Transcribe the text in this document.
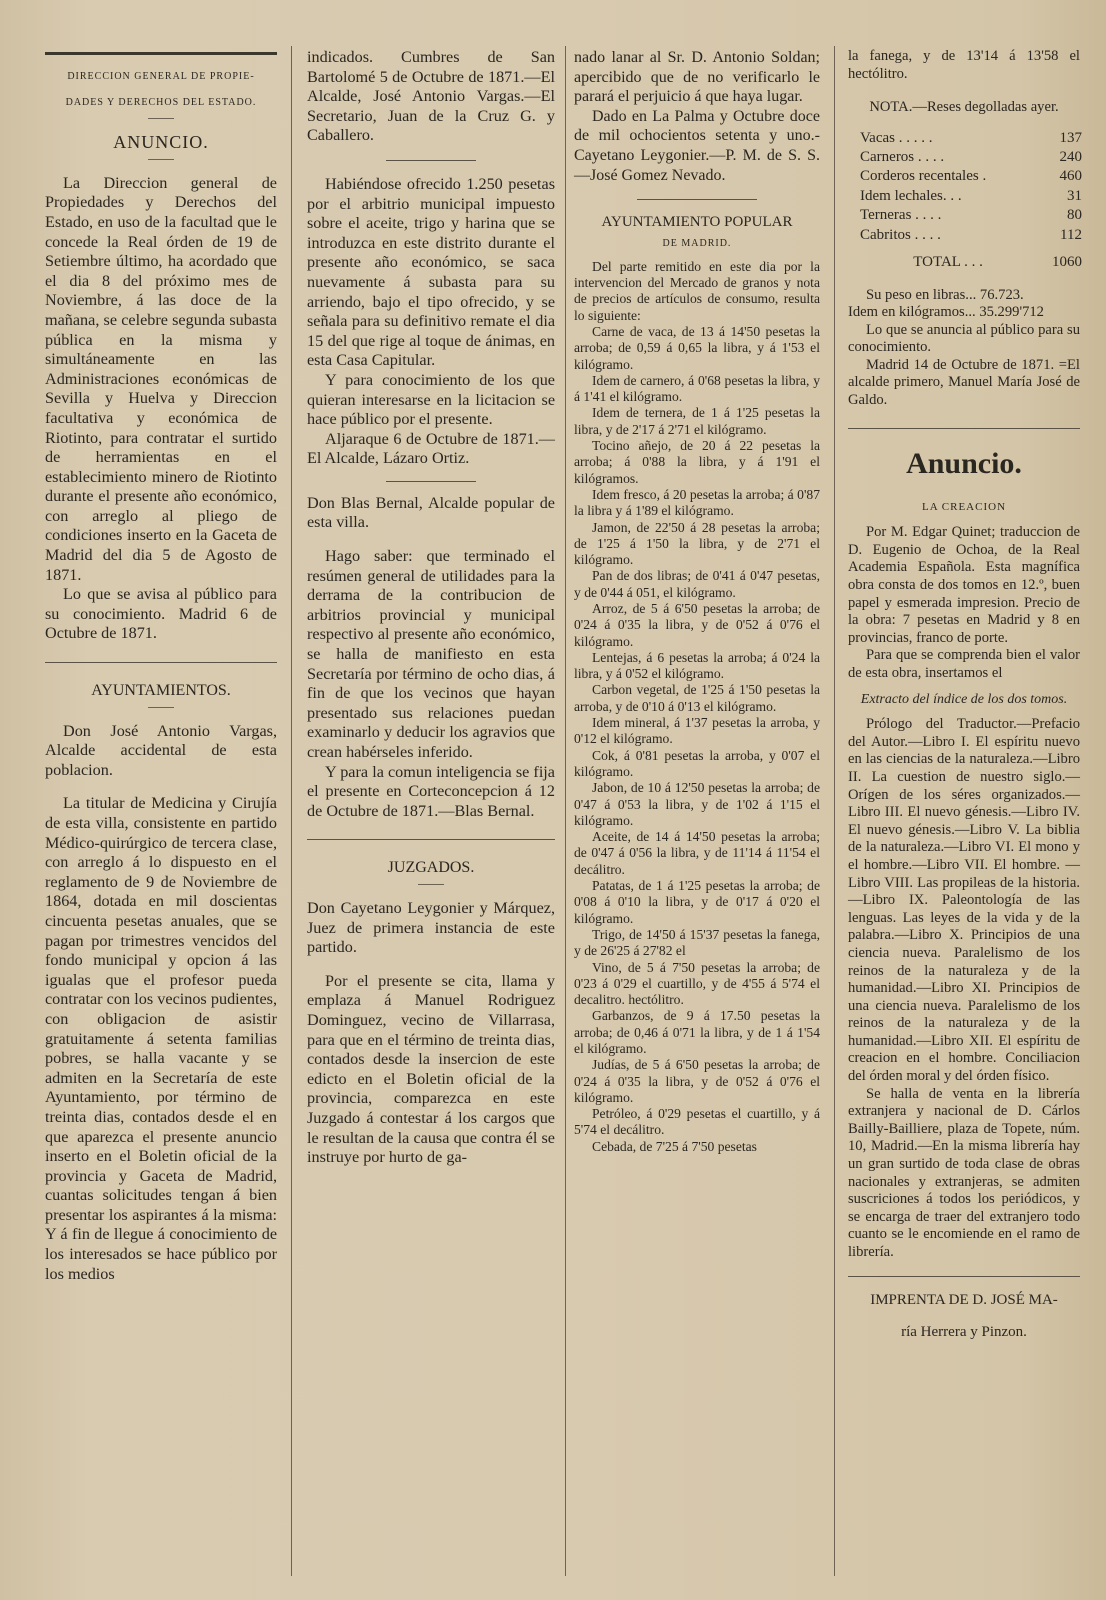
DIRECCION GENERAL DE PROPIE-

DADES Y DERECHOS DEL ESTADO.

ANUNCIO.

La Direccion general de Propiedades y Derechos del Estado, en uso de la facultad que le concede la Real órden de 19 de Setiembre último, ha acordado que el dia 8 del próximo mes de Noviembre, á las doce de la mañana, se celebre segunda subasta pública en la misma y simultáneamente en las Administraciones económicas de Sevilla y Huelva y Direccion facultativa y económica de Riotinto, para contratar el surtido de herramientas en el establecimiento minero de Riotinto durante el presente año económico, con arreglo al pliego de condiciones inserto en la Gaceta de Madrid del dia 5 de Agosto de 1871.

Lo que se avisa al público para su conocimiento. Madrid 6 de Octubre de 1871.

AYUNTAMIENTOS.

Don José Antonio Vargas, Alcalde accidental de esta poblacion.

La titular de Medicina y Cirujía de esta villa, consistente en partido Médico-quirúrgico de tercera clase, con arreglo á lo dispuesto en el reglamento de 9 de Noviembre de 1864, dotada en mil doscientas cincuenta pesetas anuales, que se pagan por trimestres vencidos del fondo municipal y opcion á las igualas que el profesor pueda contratar con los vecinos pudientes, con obligacion de asistir gratuitamente á setenta familias pobres, se halla vacante y se admiten en la Secretaría de este Ayuntamiento, por término de treinta dias, contados desde el en que aparezca el presente anuncio inserto en el Boletin oficial de la provincia y Gaceta de Madrid, cuantas solicitudes tengan á bien presentar los aspirantes á la misma: Y á fin de llegue á conocimiento de los interesados se hace público por los medios

indicados. Cumbres de San Bartolomé 5 de Octubre de 1871.—El Alcalde, José Antonio Vargas.—El Secretario, Juan de la Cruz G. y Caballero.

Habiéndose ofrecido 1.250 pesetas por el arbitrio municipal impuesto sobre el aceite, trigo y harina que se introduzca en este distrito durante el presente año económico, se saca nuevamente á subasta para su arriendo, bajo el tipo ofrecido, y se señala para su definitivo remate el dia 15 del que rige al toque de ánimas, en esta Casa Capitular.

Y para conocimiento de los que quieran interesarse en la licitacion se hace público por el presente.

Aljaraque 6 de Octubre de 1871.—El Alcalde, Lázaro Ortiz.

Don Blas Bernal, Alcalde popular de esta villa.

Hago saber: que terminado el resúmen general de utilidades para la derrama de la contribucion de arbitrios provincial y municipal respectivo al presente año económico, se halla de manifiesto en esta Secretaría por término de ocho dias, á fin de que los vecinos que hayan presentado sus relaciones puedan examinarlo y deducir los agravios que crean habérseles inferido.

Y para la comun inteligencia se fija el presente en Corteconcepcion á 12 de Octubre de 1871.—Blas Bernal.

JUZGADOS.

Don Cayetano Leygonier y Márquez, Juez de primera instancia de este partido.

Por el presente se cita, llama y emplaza á Manuel Rodriguez Dominguez, vecino de Villarrasa, para que en el término de treinta dias, contados desde la insercion de este edicto en el Boletin oficial de la provincia, comparezca en este Juzgado á contestar á los cargos que le resultan de la causa que contra él se instruye por hurto de ga-

nado lanar al Sr. D. Antonio Soldan; apercibido que de no verificarlo le parará el perjuicio á que haya lugar.

Dado en La Palma y Octubre doce de mil ochocientos setenta y uno.-Cayetano Leygonier.—P. M. de S. S.—José Gomez Nevado.

AYUNTAMIENTO POPULAR

DE MADRID.

Del parte remitido en este dia por la intervencion del Mercado de granos y nota de precios de artículos de consumo, resulta lo siguiente:

Carne de vaca, de 13 á 14'50 pesetas la arroba; de 0,59 á 0,65 la libra, y á 1'53 el kilógramo.

Idem de carnero, á 0'68 pesetas la libra, y á 1'41 el kilógramo.

Idem de ternera, de 1 á 1'25 pesetas la libra, y de 2'17 á 2'71 el kilógramo.

Tocino añejo, de 20 á 22 pesetas la arroba; á 0'88 la libra, y á 1'91 el kilógramos.

Idem fresco, á 20 pesetas la arroba; á 0'87 la libra y á 1'89 el kilógramo.

Jamon, de 22'50 á 28 pesetas la arroba; de 1'25 á 1'50 la libra, y de 2'71 el kilógramo.

Pan de dos libras; de 0'41 á 0'47 pesetas, y de 0'44 á 051, el kilógramo.

Arroz, de 5 á 6'50 pesetas la arroba; de 0'24 á 0'35 la libra, y de 0'52 á 0'76 el kilógramo.

Lentejas, á 6 pesetas la arroba; á 0'24 la libra, y á 0'52 el kilógramo.

Carbon vegetal, de 1'25 á 1'50 pesetas la arroba, y de 0'10 á 0'13 el kilógramo.

Idem mineral, á 1'37 pesetas la arroba, y 0'12 el kilógramo.

Cok, á 0'81 pesetas la arroba, y 0'07 el kilógramo.

Jabon, de 10 á 12'50 pesetas la arroba; de 0'47 á 0'53 la libra, y de 1'02 á 1'15 el kilógramo.

Aceite, de 14 á 14'50 pesetas la arroba; de 0'47 á 0'56 la libra, y de 11'14 á 11'54 el decálitro.

Patatas, de 1 á 1'25 pesetas la arroba; de 0'08 á 0'10 la libra, y de 0'17 á 0'20 el kilógramo.

Trigo, de 14'50 á 15'37 pesetas la fanega, y de 26'25 á 27'82 el

Vino, de 5 á 7'50 pesetas la arroba; de 0'23 á 0'29 el cuartillo, y de 4'55 á 5'74 el decalitro. hectólitro.

Garbanzos, de 9 á 17.50 pesetas la arroba; de 0,46 á 0'71 la libra, y de 1 á 1'54 el kilógramo.

Judías, de 5 á 6'50 pesetas la arroba; de 0'24 á 0'35 la libra, y de 0'52 á 0'76 el kilógramo.

Petróleo, á 0'29 pesetas el cuartillo, y á 5'74 el decálitro.

Cebada, de 7'25 á 7'50 pesetas

la fanega, y de 13'14 á 13'58 el hectólitro.

NOTA.—Reses degolladas ayer.

Vacas . . . . .	137
Carneros . . . .	240
Corderos recentales .	460
Idem lechales. . .	31
Terneras . . . .	80
Cabritos . . . .	112
TOTAL . . .	1060

Su peso en libras... 76.723.

Idem en kilógramos... 35.299'712

Lo que se anuncia al público para su conocimiento.

Madrid 14 de Octubre de 1871. =El alcalde primero, Manuel María José de Galdo.

Anuncio.

LA CREACION

Por M. Edgar Quinet; traduccion de D. Eugenio de Ochoa, de la Real Academia Española. Esta magnífica obra consta de dos tomos en 12.º, buen papel y esmerada impresion. Precio de la obra: 7 pesetas en Madrid y 8 en provincias, franco de porte.

Para que se comprenda bien el valor de esta obra, insertamos el

Extracto del índice de los dos tomos.

Prólogo del Traductor.—Prefacio del Autor.—Libro I. El espíritu nuevo en las ciencias de la naturaleza.—Libro II. La cuestion de nuestro siglo.—Orígen de los séres organizados.—Libro III. El nuevo génesis.—Libro IV. El nuevo génesis.—Libro V. La biblia de la naturaleza.—Libro VI. El mono y el hombre.—Libro VII. El hombre. —Libro VIII. Las propileas de la historia.—Libro IX. Paleontología de las lenguas. Las leyes de la vida y de la palabra.—Libro X. Principios de una ciencia nueva. Paralelismo de los reinos de la naturaleza y de la humanidad.—Libro XI. Principios de una ciencia nueva. Paralelismo de los reinos de la naturaleza y de la humanidad.—Libro XII. El espíritu de creacion en el hombre. Conciliacion del órden moral y del órden físico.

Se halla de venta en la librería extranjera y nacional de D. Cárlos Bailly-Bailliere, plaza de Topete, núm. 10, Madrid.—En la misma librería hay un gran surtido de toda clase de obras nacionales y extranjeras, se admiten suscriciones á todos los periódicos, y se encarga de traer del extranjero todo cuanto se le encomiende en el ramo de librería.

IMPRENTA DE D. JOSÉ MA-

ría Herrera y Pinzon.
